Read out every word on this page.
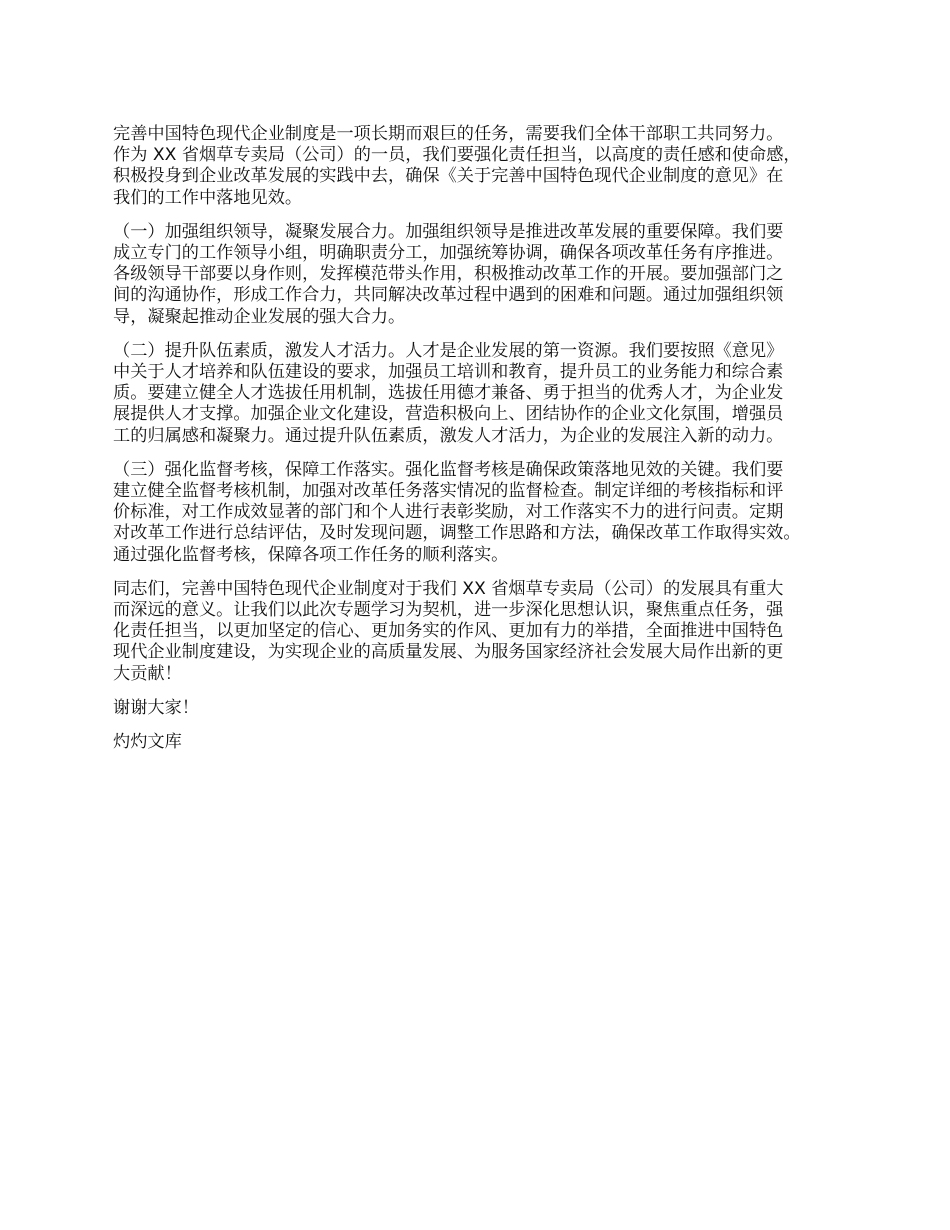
完善中国特色现代企业制度是一项长期而艰巨的任务，需要我们全体干部职工共同努力。
作为 XX 省烟草专卖局（公司）的一员，我们要强化责任担当，以高度的责任感和使命感，
积极投身到企业改革发展的实践中去，确保《关于完善中国特色现代企业制度的意见》在
我们的工作中落地见效。

（一）加强组织领导，凝聚发展合力。加强组织领导是推进改革发展的重要保障。我们要
成立专门的工作领导小组，明确职责分工，加强统筹协调，确保各项改革任务有序推进。
各级领导干部要以身作则，发挥模范带头作用，积极推动改革工作的开展。要加强部门之
间的沟通协作，形成工作合力，共同解决改革过程中遇到的困难和问题。通过加强组织领
导，凝聚起推动企业发展的强大合力。

（二）提升队伍素质，激发人才活力。人才是企业发展的第一资源。我们要按照《意见》
中关于人才培养和队伍建设的要求，加强员工培训和教育，提升员工的业务能力和综合素
质。要建立健全人才选拔任用机制，选拔任用德才兼备、勇于担当的优秀人才，为企业发
展提供人才支撑。加强企业文化建设，营造积极向上、团结协作的企业文化氛围，增强员
工的归属感和凝聚力。通过提升队伍素质，激发人才活力，为企业的发展注入新的动力。

（三）强化监督考核，保障工作落实。强化监督考核是确保政策落地见效的关键。我们要
建立健全监督考核机制，加强对改革任务落实情况的监督检查。制定详细的考核指标和评
价标准，对工作成效显著的部门和个人进行表彰奖励，对工作落实不力的进行问责。定期
对改革工作进行总结评估，及时发现问题，调整工作思路和方法，确保改革工作取得实效。
通过强化监督考核，保障各项工作任务的顺利落实。

同志们，完善中国特色现代企业制度对于我们 XX 省烟草专卖局（公司）的发展具有重大
而深远的意义。让我们以此次专题学习为契机，进一步深化思想认识，聚焦重点任务，强
化责任担当，以更加坚定的信心、更加务实的作风、更加有力的举措，全面推进中国特色
现代企业制度建设，为实现企业的高质量发展、为服务国家经济社会发展大局作出新的更
大贡献！

谢谢大家！

灼灼文库
